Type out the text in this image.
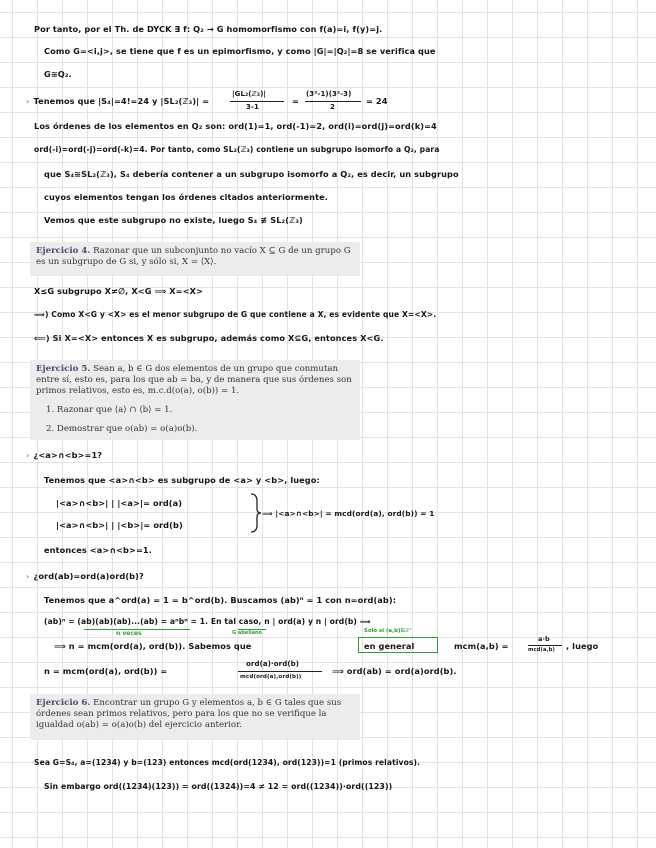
Por tanto, por el Th. de DYCK ∃ f: Q₂ → G homomorfismo con f(a)=i, f(y)=j.
Como G=<i,j>, se tiene que f es un epimorfismo, y como |G|=|Q₂|=8 se verifica que
G≅Q₂.
› Tenemos que |S₄|=4!=24 y |SL₂(ℤ₃)| =
|GL₂(ℤ₃)|
3-1
=
(3²-1)(3²-3)
2
= 24
Los órdenes de los elementos en Q₂ son: ord(1)=1, ord(-1)=2, ord(i)=ord(j)=ord(k)=4
ord(-i)=ord(-j)=ord(-k)=4. Por tanto, como SL₂(ℤ₃) contiene un subgrupo isomorfo a Q₂, para
que S₄≅SL₂(ℤ₃), S₄ debería contener a un subgrupo isomorfo a Q₂, es decir, un subgrupo
cuyos elementos tengan los órdenes citados anteriormente.
Vemos que este subgrupo no existe, luego S₄ ≇ SL₂(ℤ₃)
Ejercicio 4. Razonar que un subconjunto no vacío X ⊆ G de un grupo G es un subgrupo de G si, y sólo si, X = ⟨X⟩.
X≤G subgrupo X≠∅, X<G ⟹ X=<X>
⟹) Como X<G y <X> es el menor subgrupo de G que contiene a X, es evidente que X=<X>.
⟸) Si X=<X> entonces X es subgrupo, además como X⊆G, entonces X<G.
Ejercicio 5. Sean a, b ∈ G dos elementos de un grupo que conmutan entre sí, esto es, para los que ab = ba, y de manera que sus órdenes son primos relativos, esto es, m.c.d(o(a), o(b)) = 1.
1. Razonar que ⟨a⟩ ∩ ⟨b⟩ = 1.
2. Demostrar que o(ab) = o(a)o(b).
› ¿<a>∩<b>=1?
Tenemos que <a>∩<b> es subgrupo de <a> y <b>, luego:
|<a>∩<b>| | |<a>|= ord(a)
|<a>∩<b>| | |<b>|= ord(b)
⟹ |<a>∩<b>| = mcd(ord(a), ord(b)) = 1
entonces <a>∩<b>=1.
› ¿ord(ab)=ord(a)ord(b)?
Tenemos que a^ord(a) = 1 = b^ord(b). Buscamos (ab)ⁿ = 1 con n=ord(ab):
(ab)ⁿ = (ab)(ab)(ab)...(ab) = aⁿbⁿ = 1. En tal caso, n | ord(a) y n | ord(b) ⟹
n veces	G abeliano	Sólo si (a,b)∈ℤ⁺
⟹ n = mcm(ord(a), ord(b)). Sabemos que	en general	mcm(a,b) =
a·b
mcd(a,b) , luego
n = mcm(ord(a), ord(b)) =
ord(a)·ord(b)
mcd(ord(a),ord(b))
⟹ ord(ab) = ord(a)ord(b).
Ejercicio 6. Encontrar un grupo G y elementos a, b ∈ G tales que sus órdenes sean primos relativos, pero para los que no se verifique la igualdad o(ab) = o(a)o(b) del ejercicio anterior.
Sea G=S₄, a=(1234) y b=(123) entonces mcd(ord(1234), ord(123))=1 (primos relativos).
Sin embargo ord((1234)(123)) = ord((1324))=4 ≠ 12 = ord((1234))·ord((123))
